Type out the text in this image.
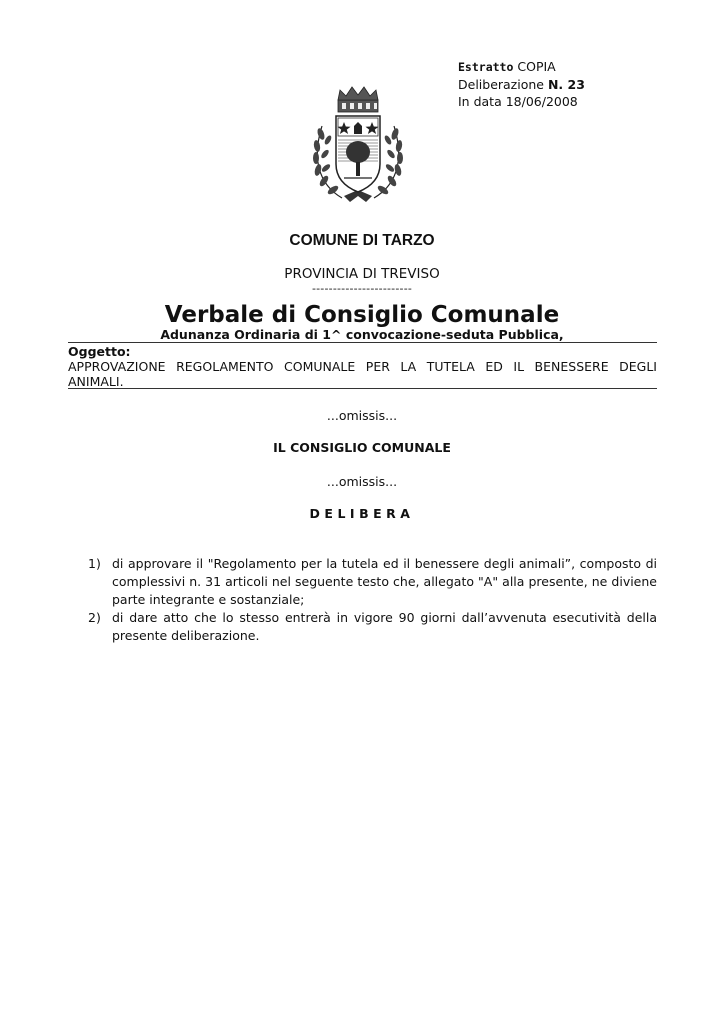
Estratto COPIA
Deliberazione N. 23
In data 18/06/2008
COMUNE DI TARZO
PROVINCIA DI TREVISO
------------------------
Verbale di Consiglio Comunale
Adunanza Ordinaria di 1^ convocazione-seduta Pubblica,
Oggetto:
APPROVAZIONE REGOLAMENTO COMUNALE PER LA TUTELA ED IL BENESSERE DEGLI ANIMALI.
...omissis...
IL CONSIGLIO COMUNALE
...omissis...
DELIBERA
1) di approvare il "Regolamento per la tutela ed il benessere degli animali”, composto di complessivi n. 31 articoli nel seguente testo che, allegato "A" alla presente, ne diviene parte integrante e sostanziale;
2) di dare atto che lo stesso entrerà in vigore 90 giorni dall’avvenuta esecutività della presente deliberazione.
